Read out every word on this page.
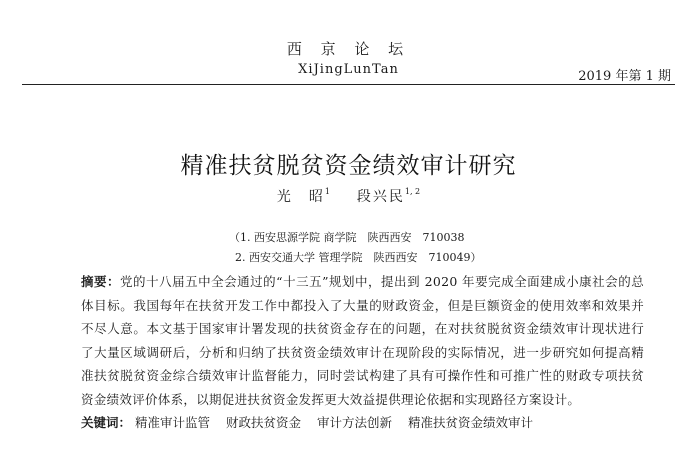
西 京 论 坛
XiJingLunTan	2019 年第 1 期
精准扶贫脱贫资金绩效审计研究
光　昭$^1$ 段兴民$^{1, 2}$
（1. 西安思源学院 商学院　陕西西安　710038
2. 西安交通大学 管理学院　陕西西安　710049）
摘要：党的十八届五中全会通过的“十三五”规划中，提出到 2020 年要完成全面建成小康社会的总体目标。我国每年在扶贫开发工作中都投入了大量的财政资金，但是巨额资金的使用效率和效果并不尽人意。本文基于国家审计署发现的扶贫资金存在的问题，在对扶贫脱贫资金绩效审计现状进行了大量区域调研后，分析和归纳了扶贫资金绩效审计在现阶段的实际情况，进一步研究如何提高精准扶贫脱贫资金综合绩效审计监督能力，同时尝试构建了具有可操作性和可推广性的财政专项扶贫资金绩效评价体系，以期促进扶贫资金发挥更大效益提供理论依据和实现路径方案设计。
关键词： 精准审计监管 财政扶贫资金 审计方法创新 精准扶贫资金绩效审计
